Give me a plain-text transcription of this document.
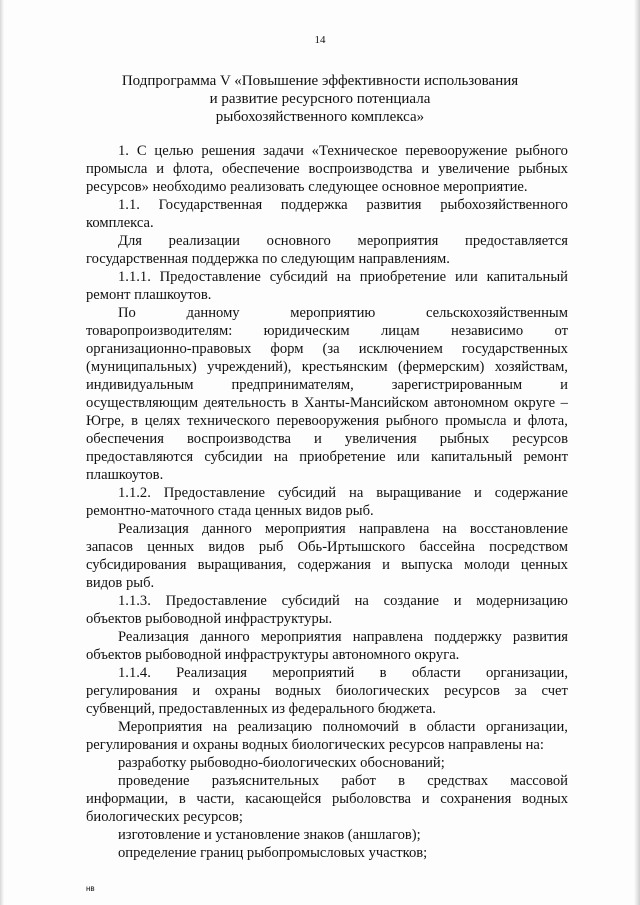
14
Подпрограмма V «Повышение эффективности использования
и развитие ресурсного потенциала
рыбохозяйственного комплекса»
1. С целью решения задачи «Техническое перевооружение рыбного
промысла и флота, обеспечение воспроизводства и увеличение рыбных
ресурсов» необходимо реализовать следующее основное мероприятие.
1.1. Государственная поддержка развития рыбохозяйственного
комплекса.
Для реализации основного мероприятия предоставляется
государственная поддержка по следующим направлениям.
1.1.1. Предоставление субсидий на приобретение или капитальный
ремонт плашкоутов.
По	данному	мероприятию	сельскохозяйственным
товаропроизводителям: юридическим лицам независимо от
организационно-правовых форм (за исключением государственных
(муниципальных) учреждений), крестьянским (фермерским) хозяйствам,
индивидуальным	предпринимателям,	зарегистрированным	и
осуществляющим деятельность в Ханты-Мансийском автономном округе –
Югре, в целях технического перевооружения рыбного промысла и флота,
обеспечения воспроизводства и увеличения рыбных ресурсов
предоставляются субсидии на приобретение или капитальный ремонт
плашкоутов.
1.1.2. Предоставление субсидий на выращивание и содержание
ремонтно-маточного стада ценных видов рыб.
Реализация данного мероприятия направлена на восстановление
запасов ценных видов рыб Обь-Иртышского бассейна посредством
субсидирования выращивания, содержания и выпуска молоди ценных
видов рыб.
1.1.3. Предоставление субсидий на создание и модернизацию
объектов рыбоводной инфраструктуры.
Реализация данного мероприятия направлена поддержку развития
объектов рыбоводной инфраструктуры автономного округа.
1.1.4. Реализация мероприятий в области организации,
регулирования и охраны водных биологических ресурсов за счет
субвенций, предоставленных из федерального бюджета.
Мероприятия на реализацию полномочий в области организации,
регулирования и охраны водных биологических ресурсов направлены на:
разработку рыбоводно-биологических обоснований;
проведение разъяснительных работ в средствах массовой
информации, в части, касающейся рыболовства и сохранения водных
биологических ресурсов;
изготовление и установление знаков (аншлагов);
определение границ рыбопромысловых участков;
нв
